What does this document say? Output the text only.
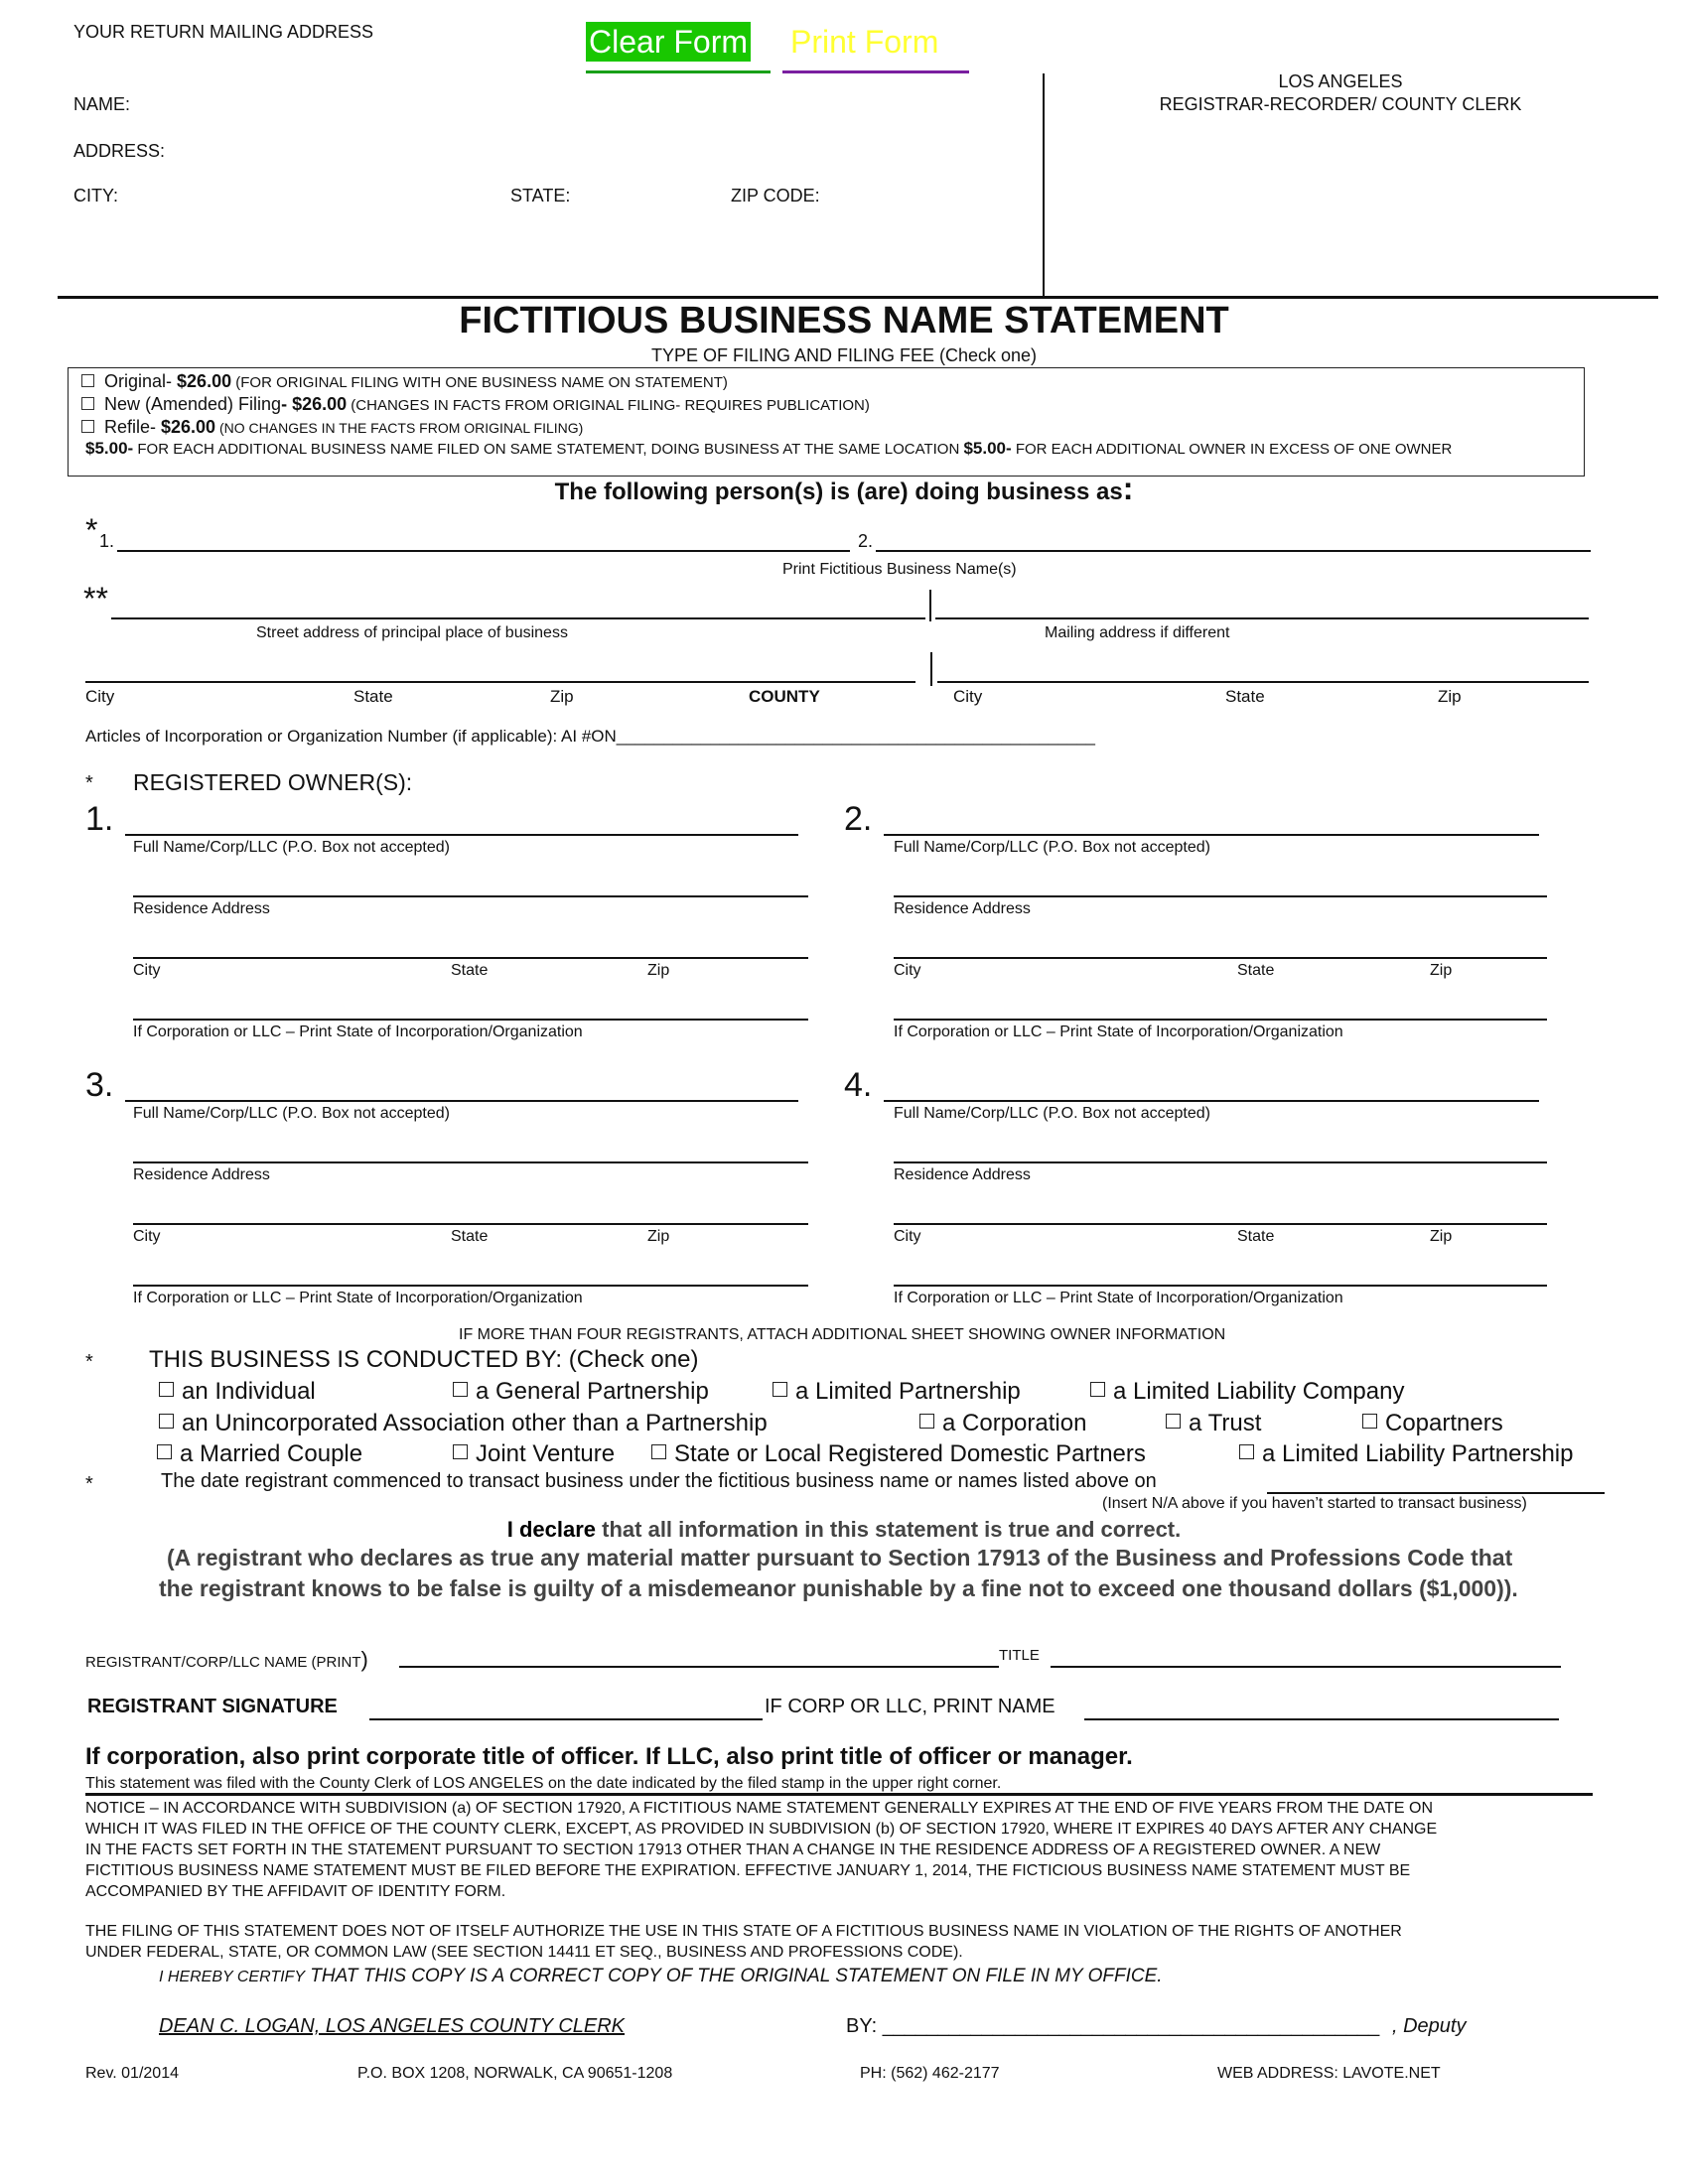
YOUR RETURN MAILING ADDRESS	Clear Form Print Form
NAME:
ADDRESS:
CITY:	STATE:	ZIP CODE:
LOS ANGELES
REGISTRAR-RECORDER/ COUNTY CLERK
FICTITIOUS BUSINESS NAME STATEMENT
TYPE OF FILING AND FILING FEE (Check one)
Original- $26.00 (FOR ORIGINAL FILING WITH ONE BUSINESS NAME ON STATEMENT)
New (Amended) Filing- $26.00 (CHANGES IN FACTS FROM ORIGINAL FILING- REQUIRES PUBLICATION)
Refile- $26.00 (NO CHANGES IN THE FACTS FROM ORIGINAL FILING)
$5.00- FOR EACH ADDITIONAL BUSINESS NAME FILED ON SAME STATEMENT, DOING BUSINESS AT THE SAME LOCATION $5.00- FOR EACH ADDITIONAL OWNER IN EXCESS OF ONE OWNER
The following person(s) is (are) doing business as:
* 1.	2.
Print Fictitious Business Name(s)
**
Street address of principal place of business	Mailing address if different
City	State	Zip	COUNTY	City	State	Zip
Articles of Incorporation or Organization Number (if applicable): AI #ON___________________________________________________
* REGISTERED OWNER(S):
1.
Full Name/Corp/LLC (P.O. Box not accepted)
Residence Address
City	State	Zip
If Corporation or LLC – Print State of Incorporation/Organization
2.
Full Name/Corp/LLC (P.O. Box not accepted)
Residence Address
City	State	Zip
If Corporation or LLC – Print State of Incorporation/Organization
3.
Full Name/Corp/LLC (P.O. Box not accepted)
Residence Address
City	State	Zip
If Corporation or LLC – Print State of Incorporation/Organization
4.
Full Name/Corp/LLC (P.O. Box not accepted)
Residence Address
City	State	Zip
If Corporation or LLC – Print State of Incorporation/Organization
IF MORE THAN FOUR REGISTRANTS, ATTACH ADDITIONAL SHEET SHOWING OWNER INFORMATION
* THIS BUSINESS IS CONDUCTED BY: (Check one)
an Individual	a General Partnership	a Limited Partnership	a Limited Liability Company
an Unincorporated Association other than a Partnership	a Corporation	a Trust	Copartners
a Married Couple	Joint Venture	State or Local Registered Domestic Partners	a Limited Liability Partnership
*	The date registrant commenced to transact business under the fictitious business name or names listed above on
(Insert N/A above if you haven’t started to transact business)
I declare that all information in this statement is true and correct.
(A registrant who declares as true any material matter pursuant to Section 17913 of the Business and Professions Code that
the registrant knows to be false is guilty of a misdemeanor punishable by a fine not to exceed one thousand dollars ($1,000)).
REGISTRANT/CORP/LLC NAME (PRINT)	TITLE
REGISTRANT SIGNATURE	IF CORP OR LLC, PRINT NAME
If corporation, also print corporate title of officer. If LLC, also print title of officer or manager.
This statement was filed with the County Clerk of LOS ANGELES on the date indicated by the filed stamp in the upper right corner.
NOTICE – IN ACCORDANCE WITH SUBDIVISION (a) OF SECTION 17920, A FICTITIOUS NAME STATEMENT GENERALLY EXPIRES AT THE END OF FIVE YEARS FROM THE DATE ON
WHICH IT WAS FILED IN THE OFFICE OF THE COUNTY CLERK, EXCEPT, AS PROVIDED IN SUBDIVISION (b) OF SECTION 17920, WHERE IT EXPIRES 40 DAYS AFTER ANY CHANGE
IN THE FACTS SET FORTH IN THE STATEMENT PURSUANT TO SECTION 17913 OTHER THAN A CHANGE IN THE RESIDENCE ADDRESS OF A REGISTERED OWNER. A NEW
FICTITIOUS BUSINESS NAME STATEMENT MUST BE FILED BEFORE THE EXPIRATION. EFFECTIVE JANUARY 1, 2014, THE FICTICIOUS BUSINESS NAME STATEMENT MUST BE
ACCOMPANIED BY THE AFFIDAVIT OF IDENTITY FORM.
THE FILING OF THIS STATEMENT DOES NOT OF ITSELF AUTHORIZE THE USE IN THIS STATE OF A FICTITIOUS BUSINESS NAME IN VIOLATION OF THE RIGHTS OF ANOTHER
UNDER FEDERAL, STATE, OR COMMON LAW (SEE SECTION 14411 ET SEQ., BUSINESS AND PROFESSIONS CODE).
I HEREBY CERTIFY THAT THIS COPY IS A CORRECT COPY OF THE ORIGINAL STATEMENT ON FILE IN MY OFFICE.
DEAN C. LOGAN, LOS ANGELES COUNTY CLERK	BY: _____________________________________________ , Deputy
Rev. 01/2014	P.O. BOX 1208, NORWALK, CA 90651-1208	PH: (562) 462-2177	WEB ADDRESS: LAVOTE.NET
